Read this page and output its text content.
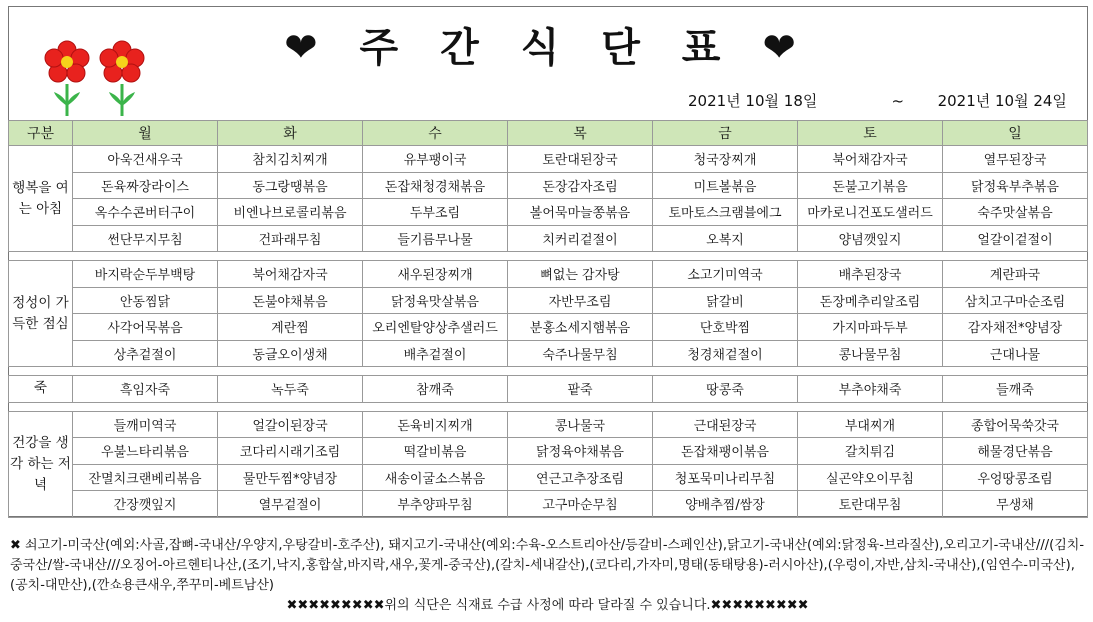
❤ 주 간 식 단 표 ❤
2021년 10월 18일	~ 2021년 10월 24일
구분	월	화	수	목	금	토	일
행복을 여는 아침	아욱건새우국	참치김치찌개	유부팽이국	토란대된장국	청국장찌개	북어채감자국	열무된장국
	돈육짜장라이스	동그랑땡볶음	돈잡채청경채볶음	돈장감자조림	미트볼볶음	돈불고기볶음	닭정육부추볶음
	옥수수콘버터구이	비엔나브로콜리볶음	두부조림	볼어묵마늘쫑볶음	토마토스크램블에그	마카로니건포도샐러드	숙주맛살볶음
	썬단무지무침	건파래무침	들기름무나물	치커리겉절이	오복지	양념깻잎지	얼갈이겉절이

정성이 가득한 점심	바지락순두부백탕	북어채감자국	새우된장찌개	뼈없는 감자탕	소고기미역국	배추된장국	계란파국
	안동찜닭	돈불야채볶음	닭정육맛살볶음	자반무조림	닭갈비	돈장메추리알조림	삼치고구마순조림
	사각어묵볶음	계란찜	오리엔탈양상추샐러드	분홍소세지햄볶음	단호박찜	가지마파두부	감자채전*양념장
	상추겉절이	동글오이생채	배추겉절이	숙주나물무침	청경채겉절이	콩나물무침	근대나물

죽	흑임자죽	녹두죽	참깨죽	팥죽	땅콩죽	부추야채죽	들깨죽

건강을 생각 하는 저녁	들깨미역국	얼갈이된장국	돈육비지찌개	콩나물국	근대된장국	부대찌개	종합어묵쑥갓국
	우불느타리볶음	코다리시래기조림	떡갈비볶음	닭정육야채볶음	돈잡채팽이볶음	갈치튀김	해물경단볶음
	잔멸치크랜베리볶음	물만두찜*양념장	새송이굴소스볶음	연근고추장조림	청포묵미나리무침	실곤약오이무침	우엉땅콩조림
	간장깻잎지	열무겉절이	부추양파무침	고구마순무침	양배추찜/쌈장	토란대무침	무생채
✖ 쇠고기-미국산(예외:사골,잡뼈-국내산/우양지,우탕갈비-호주산), 돼지고기-국내산(예외:수육-오스트리아산/등갈비-스페인산),닭고기-국내산(예외:닭정육-브라질산),오리고기-국내산///(김치-중국산/쌀-국내산///오징어-아르헨티나산,(조기,낙지,홍합살,바지락,새우,꽃게-중국산),(갈치-세내갈산),(코다리,가자미,명태(동태탕용)-러시아산),(우렁이,자반,삼치-국내산),(임연수-미국산),(공치-대만산),(깐쇼용큰새우,쭈꾸미-베트남산)
✖✖✖✖✖✖✖✖✖위의 식단은 식재료 수급 사정에 따라 달라질 수 있습니다.✖✖✖✖✖✖✖✖✖
